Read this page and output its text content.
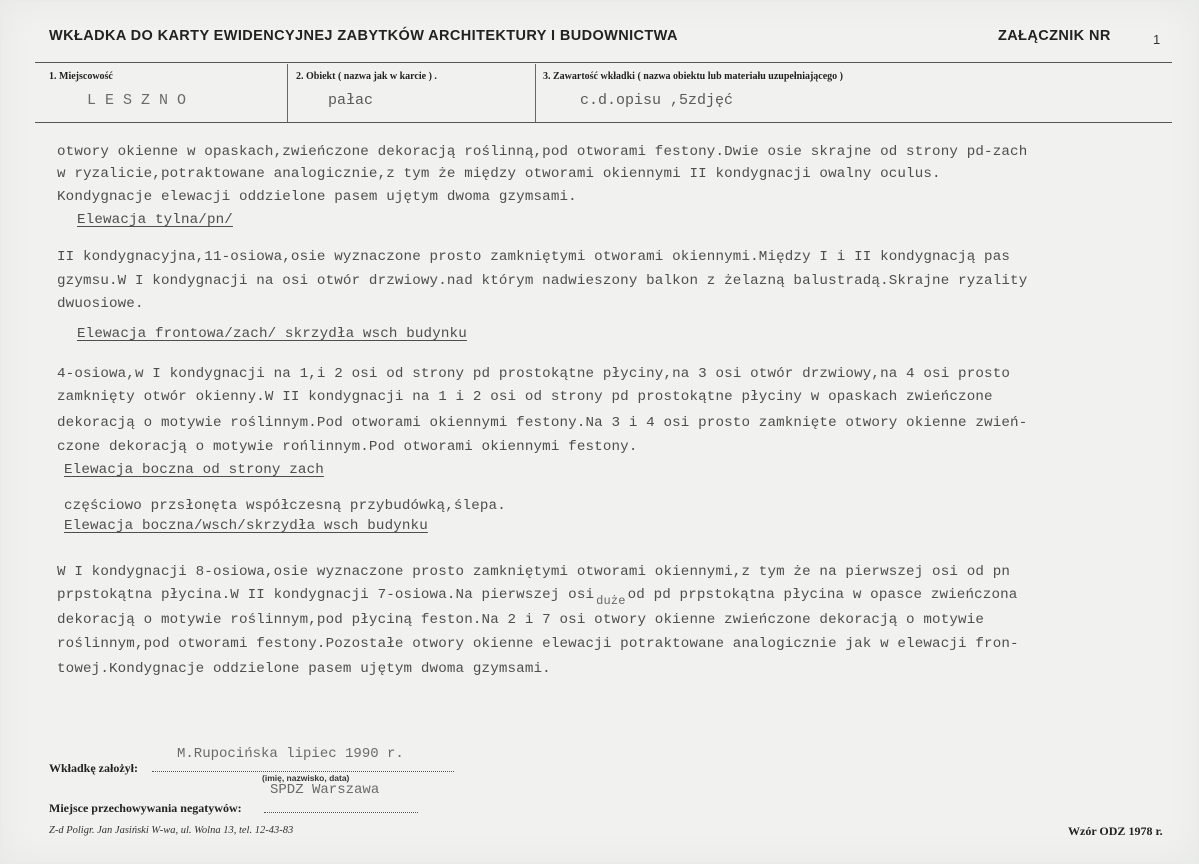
WKŁADKA DO KARTY EWIDENCYJNEJ ZABYTKÓW ARCHITEKTURY I BUDOWNICTWA	ZAŁĄCZNIK NR	1
1. Miejscowość	2. Obiekt ( nazwa jak w karcie ) .	3. Zawartość wkładki ( nazwa obiektu lub materiału uzupełniającego )
LESZNO	pałac	c.d.opisu ,5zdjęć
otwory okienne w opaskach,zwieńczone dekoracją roślinną,pod otworami festony.Dwie osie skrajne od strony pd-zach
w ryzalicie,potraktowane analogicznie,z tym że między otworami okiennymi II kondygnacji owalny oculus.
Kondygnacje elewacji oddzielone pasem ujętym dwoma gzymsami.
Elewacja tylna/pn/
II kondygnacyjna,11-osiowa,osie wyznaczone prosto zamkniętymi otworami okiennymi.Między I i II kondygnacją pas
gzymsu.W I kondygnacji na osi otwór drzwiowy.nad którym nadwieszony balkon z żelazną balustradą.Skrajne ryzality
dwuosiowe.
Elewacja frontowa/zach/ skrzydła wsch budynku
4-osiowa,w I kondygnacji na 1,i 2 osi od strony pd prostokątne płyciny,na 3 osi otwór drzwiowy,na 4 osi prosto
zamknięty otwór okienny.W II kondygnacji na 1 i 2 osi od strony pd prostokątne płyciny w opaskach zwieńczone
dekoracją o motywie roślinnym.Pod otworami okiennymi festony.Na 3 i 4 osi prosto zamknięte otwory okienne zwień-
czone dekoracją o motywie rońlinnym.Pod otworami okiennymi festony.
Elewacja boczna od strony zach
częściowo przsłonęta współczesną przybudówką,ślepa.
Elewacja boczna/wsch/skrzydła wsch budynku
W I kondygnacji 8-osiowa,osie wyznaczone prosto zamkniętymi otworami okiennymi,z tym że na pierwszej osi od pn
prpstokątna płycina.W II kondygnacji 7-osiowa.Na pierwszej osi $_{duże}$ od pd prpstokątna płycina w opasce zwieńczona
dekoracją o motywie roślinnym,pod płyciną feston.Na 2 i 7 osi otwory okienne zwieńczone dekoracją o motywie
roślinnym,pod otworami festony.Pozostałe otwory okienne elewacji potraktowane analogicznie jak w elewacji fron-
towej.Kondygnacje oddzielone pasem ujętym dwoma gzymsami.
Wkładkę założył:
M.Rupocińska lipiec 1990 r.
(imię, nazwisko, data)
SPDZ Warszawa
Miejsce przechowywania negatywów:
Z-d Poligr. Jan Jasiński W-wa, ul. Wolna 13, tel. 12-43-83	Wzór ODZ 1978 r.
